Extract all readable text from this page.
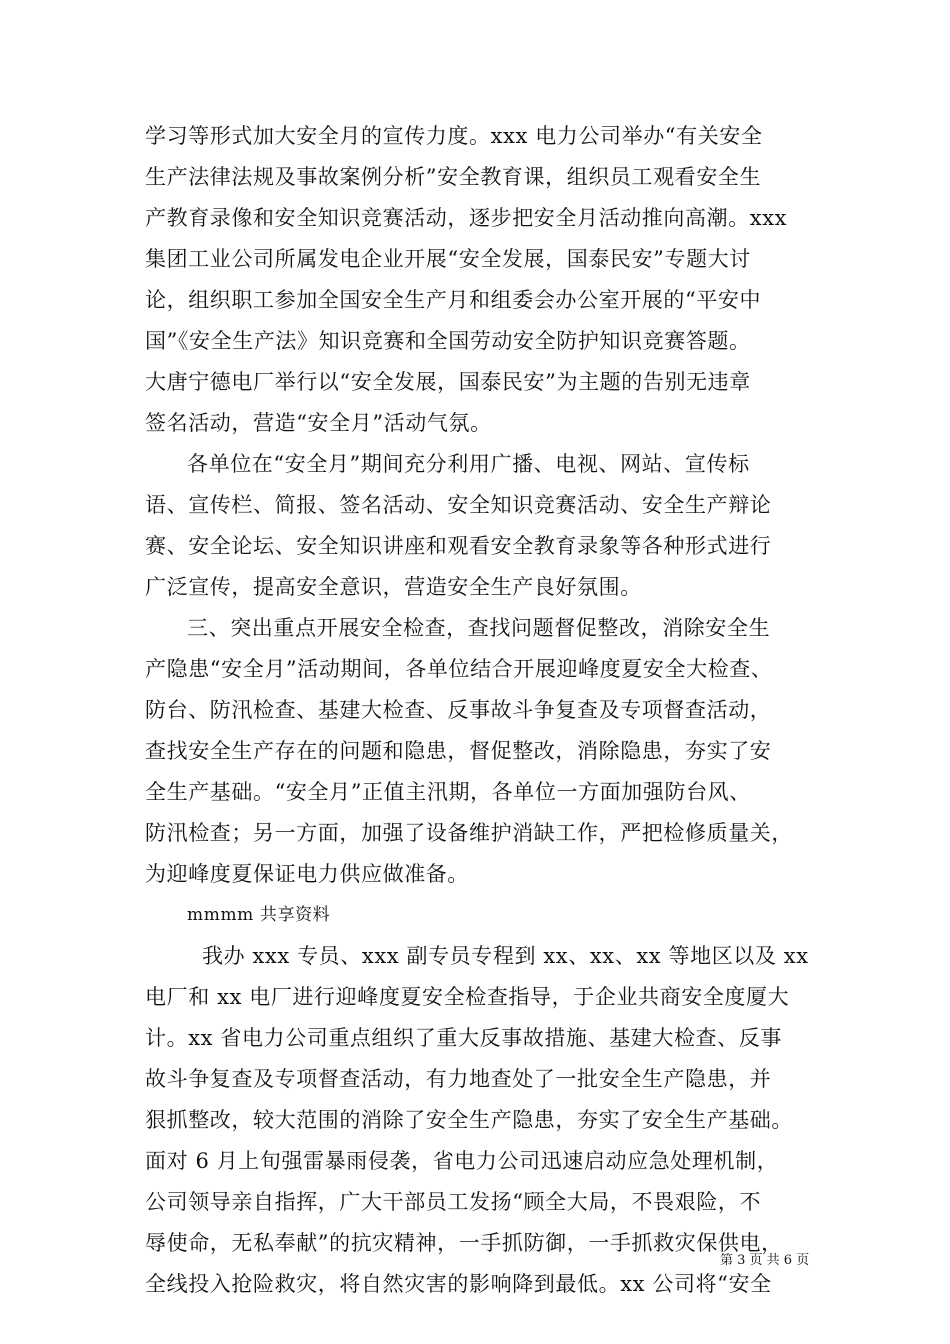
学习等形式加大安全月的宣传力度。xxx 电力公司举办“有关安全
生产法律法规及事故案例分析”安全教育课，组织员工观看安全生
产教育录像和安全知识竞赛活动，逐步把安全月活动推向高潮。xxx
集团工业公司所属发电企业开展“安全发展，国泰民安”专题大讨
论，组织职工参加全国安全生产月和组委会办公室开展的“平安中
国”《安全生产法》知识竞赛和全国劳动安全防护知识竞赛答题。
大唐宁德电厂举行以“安全发展，国泰民安”为主题的告别无违章
签名活动，营造“安全月”活动气氛。
各单位在“安全月”期间充分利用广播、电视、网站、宣传标
语、宣传栏、简报、签名活动、安全知识竞赛活动、安全生产辩论
赛、安全论坛、安全知识讲座和观看安全教育录象等各种形式进行
广泛宣传，提高安全意识，营造安全生产良好氛围。
三、突出重点开展安全检查，查找问题督促整改，消除安全生
产隐患“安全月”活动期间，各单位结合开展迎峰度夏安全大检查、
防台、防汛检查、基建大检查、反事故斗争复查及专项督查活动，
查找安全生产存在的问题和隐患，督促整改，消除隐患，夯实了安
全生产基础。“安全月”正值主汛期，各单位一方面加强防台风、
防汛检查；另一方面，加强了设备维护消缺工作，严把检修质量关，
为迎峰度夏保证电力供应做准备。
mmmm 共享资料
我办 xxx 专员、xxx 副专员专程到 xx、xx、xx 等地区以及 xx
电厂和 xx 电厂进行迎峰度夏安全检查指导，于企业共商安全度厦大
计。xx 省电力公司重点组织了重大反事故措施、基建大检查、反事
故斗争复查及专项督查活动，有力地查处了一批安全生产隐患，并
狠抓整改，较大范围的消除了安全生产隐患，夯实了安全生产基础。
面对 6 月上旬强雷暴雨侵袭，省电力公司迅速启动应急处理机制，
公司领导亲自指挥，广大干部员工发扬“顾全大局，不畏艰险，不
辱使命，无私奉献”的抗灾精神，一手抓防御，一手抓救灾保供电，
全线投入抢险救灾，将自然灾害的影响降到最低。xx 公司将“安全
第 3 页 共 6 页
